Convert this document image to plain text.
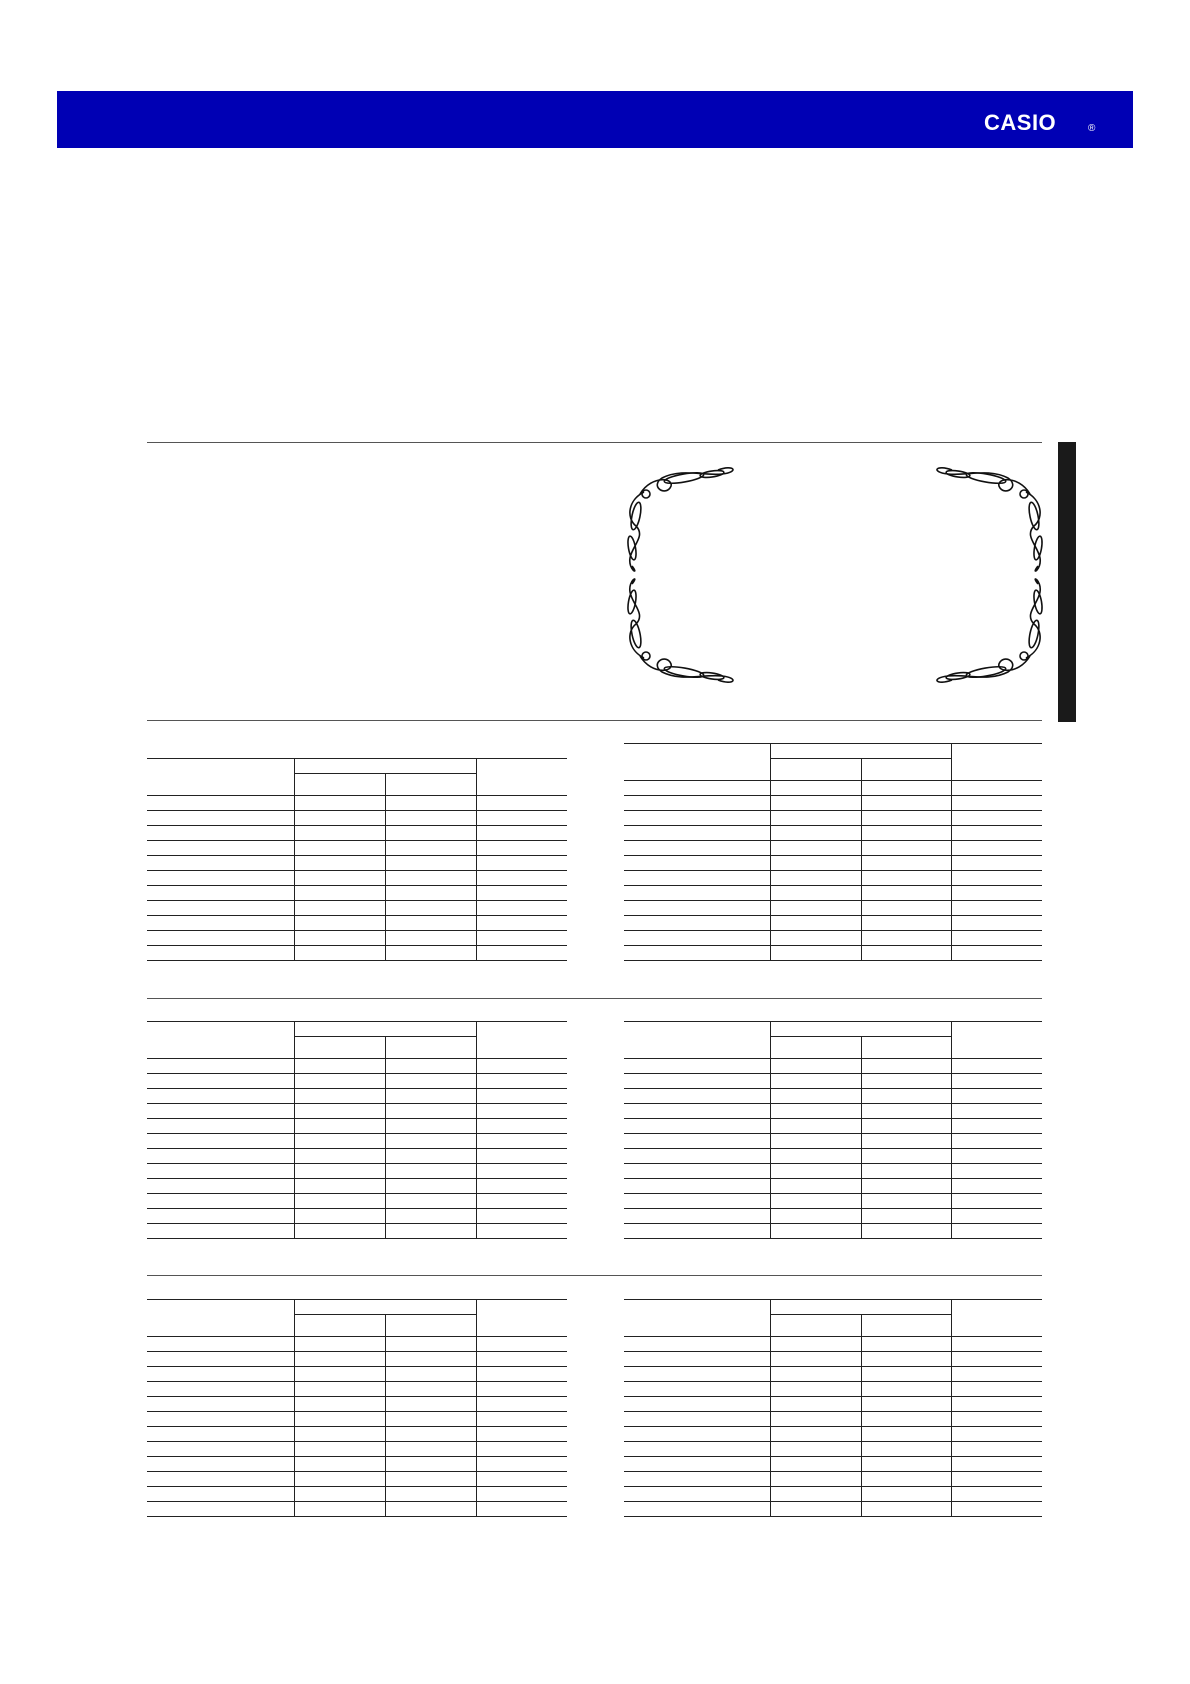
CASIO	®
